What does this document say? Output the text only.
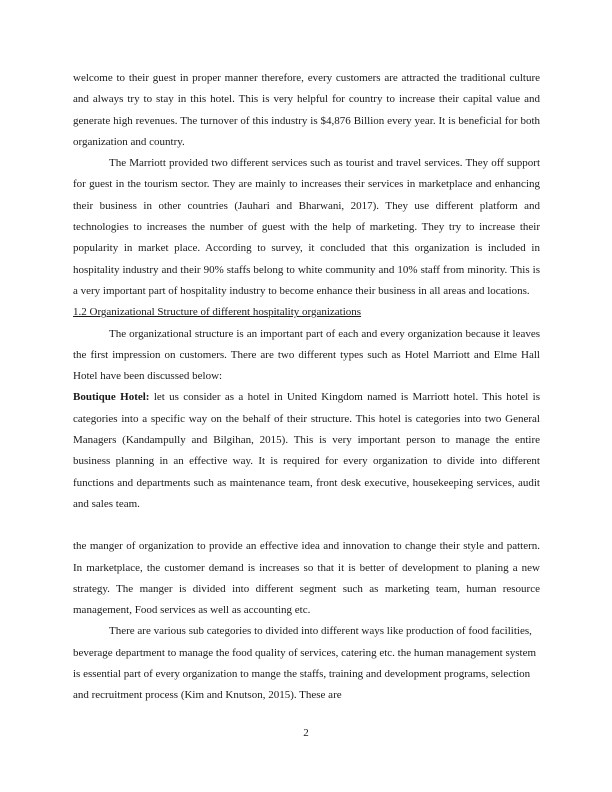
welcome to their guest in proper manner therefore, every customers are attracted the traditional culture and always try to stay in this hotel. This is very helpful for country to increase their capital value and generate high revenues. The turnover of this industry is $4,876 Billion every year. It is beneficial for both organization and country.

The Marriott provided two different services such as tourist and travel services. They off support for guest in the tourism sector. They are mainly to increases their services in marketplace and enhancing their business in other countries (Jauhari and Bharwani, 2017). They use different platform and technologies to increases the number of guest with the help of marketing. They try to increase their popularity in market place. According to survey, it concluded that this organization is included in hospitality industry and their 90% staffs belong to white community and 10% staff from minority. This is a very important part of hospitality industry to become enhance their business in all areas and locations.

1.2 Organizational Structure of different hospitality organizations

The organizational structure is an important part of each and every organization because it leaves the first impression on customers. There are two different types such as Hotel Marriott and Elme Hall Hotel have been discussed below:

Boutique Hotel: let us consider as a hotel in United Kingdom named is Marriott hotel. This hotel is categories into a specific way on the behalf of their structure. This hotel is categories into two General Managers (Kandampully and Bilgihan, 2015). This is very important person to manage the entire business planning in an effective way. It is required for every organization to divide into different functions and departments such as maintenance team, front desk executive, housekeeping services, audit and sales team.

the manger of organization to provide an effective idea and innovation to change their style and pattern. In marketplace, the customer demand is increases so that it is better of development to planing a new strategy. The manger is divided into different segment such as marketing team, human resource management, Food services as well as accounting etc.

There are various sub categories to divided into different ways like production of food facilities, beverage department to manage the food quality of services, catering etc. the human management system is essential part of every organization to mange the staffs, training and development programs, selection and recruitment process (Kim and Knutson, 2015). These are

2
